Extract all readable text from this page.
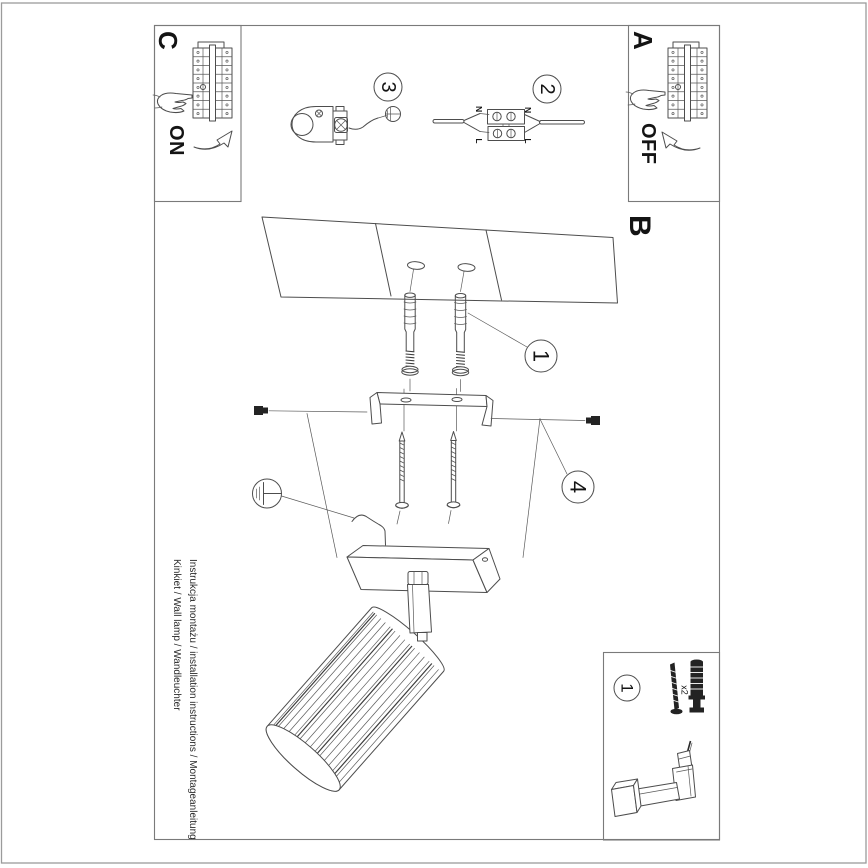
C
ON
A
OFF
B
3
N	N
L	L
2
1
4
Instrukcja montażu / installation instructions / Montageanleitung
Kinkiet / Wall lamp / Wandleuchter	1	x2
